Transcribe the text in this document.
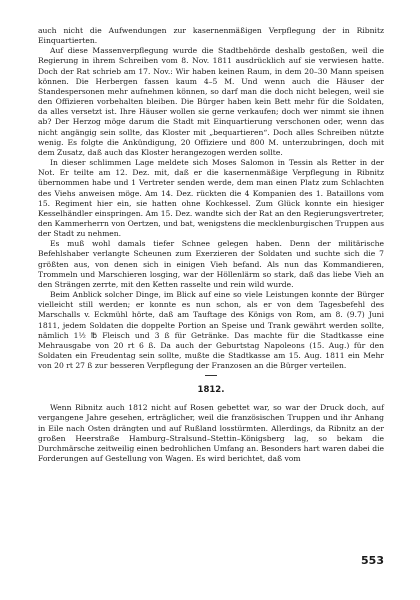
auch nicht die Aufwendungen zur kasernenmäßigen Verpflegung der in Ribnitz Einquartierten.

Auf diese Massenverpflegung wurde die Stadtbehörde deshalb gestoßen, weil die Regierung in ihrem Schreiben vom 8. Nov. 1811 ausdrücklich auf sie verwiesen hatte. Doch der Rat schrieb am 17. Nov.: Wir haben keinen Raum, in dem 20–30 Mann speisen können. Die Herbergen fassen kaum 4–5 M. Und wenn auch die Häuser der Standespersonen mehr aufnehmen können, so darf man die doch nicht belegen, weil sie den Offizieren vorbehalten bleiben. Die Bürger haben kein Bett mehr für die Soldaten, da alles versetzt ist. Ihre Häuser wollen sie gerne verkaufen; doch wer nimmt sie ihnen ab? Der Herzog möge darum die Stadt mit Einquartierung verschonen oder, wenn das nicht angängig sein sollte, das Kloster mit „bequartieren“. Doch alles Schreiben nützte wenig. Es folgte die Ankündigung, 20 Offiziere und 800 M. unterzubringen, doch mit dem Zusatz, daß auch das Kloster herangezogen werden sollte.

In dieser schlimmen Lage meldete sich Moses Salomon in Tessin als Retter in der Not. Er teilte am 12. Dez. mit, daß er die kasernenmäßige Verpflegung in Ribnitz übernommen habe und 1 Vertreter senden werde, dem man einen Platz zum Schlachten des Viehs anweisen möge. Am 14. Dez. rückten die 4 Kompanien des 1. Bataillons vom 15. Regiment hier ein, sie hatten ohne Kochkessel. Zum Glück konnte ein hiesiger Kesselhändler einspringen. Am 15. Dez. wandte sich der Rat an den Regierungsvertreter, den Kammerherrn von Oertzen, und bat, wenigstens die mecklenburgischen Truppen aus der Stadt zu nehmen.

Es muß wohl damals tiefer Schnee gelegen haben. Denn der militärische Befehlshaber verlangte Scheunen zum Exerzieren der Soldaten und suchte sich die 7 größten aus, von denen sich in einigen Vieh befand. Als nun das Kommandieren, Trommeln und Marschieren losging, war der Höllenlärm so stark, daß das liebe Vieh an den Strängen zerrte, mit den Ketten rasselte und rein wild wurde.

Beim Anblick solcher Dinge, im Blick auf eine so viele Leistungen konnte der Bürger vielleicht still werden; er konnte es nun schon, als er von dem Tagesbefehl des Marschalls v. Eckmühl hörte, daß am Tauftage des Königs von Rom, am 8. (9.7) Juni 1811, jedem Soldaten die doppelte Portion an Speise und Trank gewährt werden sollte, nämlich 1½ ℔ Fleisch und 3 ß für Getränke. Das machte für die Stadtkasse eine Mehrausgabe von 20 rt 6 ß. Da auch der Geburtstag Napoleons (15. Aug.) für den Soldaten ein Freudentag sein sollte, mußte die Stadtkasse am 15. Aug. 1811 ein Mehr von 20 rt 27 ß zur besseren Verpflegung der Franzosen an die Bürger verteilen.

1812.

Wenn Ribnitz auch 1812 nicht auf Rosen gebettet war, so war der Druck doch, auf vergangene Jahre gesehen, erträglicher, weil die französischen Truppen und ihr Anhang in Eile nach Osten drängten und auf Rußland losstürmten. Allerdings, da Ribnitz an der großen Heerstraße Hamburg–Stralsund–Stettin–Königsberg lag, so bekam die Durchmärsche zeitweilig einen bedrohlichen Umfang an. Besonders hart waren dabei die Forderungen auf Gestellung von Wagen. Es wird berichtet, daß vom

553
